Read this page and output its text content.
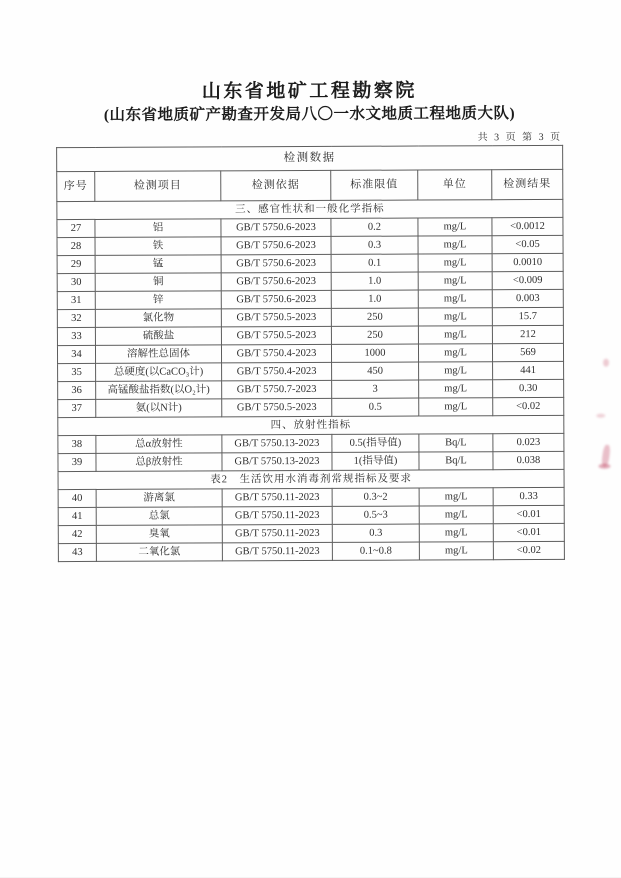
山东省地矿工程勘察院
(山东省地质矿产勘查开发局八〇一水文地质工程地质大队)
共 3 页 第 3 页
检测数据					
序号	检测项目	检测依据	标准限值	单位	检测结果
三、感官性状和一般化学指标					
27	铝	GB/T 5750.6-2023	0.2	mg/L	<0.0012
28	铁	GB/T 5750.6-2023	0.3	mg/L	<0.05
29	锰	GB/T 5750.6-2023	0.1	mg/L	0.0010
30	铜	GB/T 5750.6-2023	1.0	mg/L	<0.009
31	锌	GB/T 5750.6-2023	1.0	mg/L	0.003
32	氯化物	GB/T 5750.5-2023	250	mg/L	15.7
33	硫酸盐	GB/T 5750.5-2023	250	mg/L	212
34	溶解性总固体	GB/T 5750.4-2023	1000	mg/L	569
35	总硬度(以CaCO₃计)	GB/T 5750.4-2023	450	mg/L	441
36	高锰酸盐指数(以O₂计)	GB/T 5750.7-2023	3	mg/L	0.30
37	氨(以N计)	GB/T 5750.5-2023	0.5	mg/L	<0.02
四、放射性指标					
38	总α放射性	GB/T 5750.13-2023	0.5(指导值)	Bq/L	0.023
39	总β放射性	GB/T 5750.13-2023	1(指导值)	Bq/L	0.038
表2　生活饮用水消毒剂常规指标及要求					
40	游离氯	GB/T 5750.11-2023	0.3~2	mg/L	0.33
41	总氯	GB/T 5750.11-2023	0.5~3	mg/L	<0.01
42	臭氧	GB/T 5750.11-2023	0.3	mg/L	<0.01
43	二氧化氯	GB/T 5750.11-2023	0.1~0.8	mg/L	<0.02
